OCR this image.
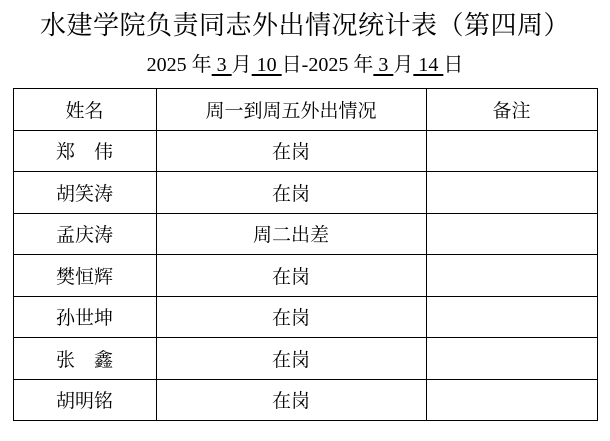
水建学院负责同志外出情况统计表（第四周）
2025 年 3 月 10 日-2025 年 3 月 14 日
姓名	周一到周五外出情况	备注
郑　伟	在岗	
胡笑涛	在岗	
孟庆涛	周二出差	
樊恒辉	在岗	
孙世坤	在岗	
张　鑫	在岗	
胡明铭	在岗	
